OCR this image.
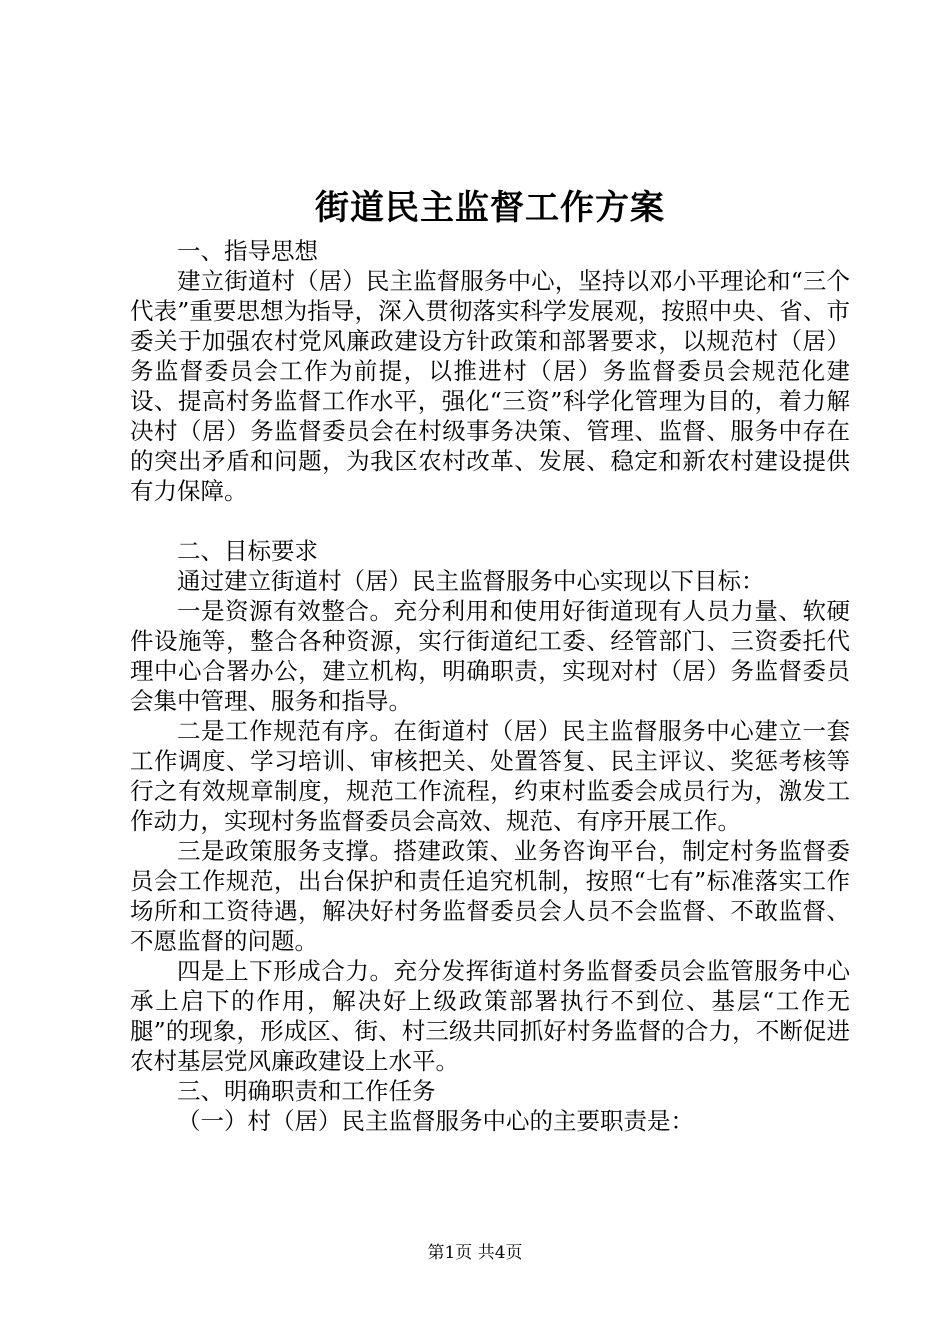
街道民主监督工作方案

一、指导思想

建立街道村（居）民主监督服务中心，坚持以邓小平理论和“三个代表”重要思想为指导，深入贯彻落实科学发展观，按照中央、省、市委关于加强农村党风廉政建设方针政策和部署要求，以规范村（居）务监督委员会工作为前提，以推进村（居）务监督委员会规范化建设、提高村务监督工作水平，强化“三资”科学化管理为目的，着力解决村（居）务监督委员会在村级事务决策、管理、监督、服务中存在的突出矛盾和问题，为我区农村改革、发展、稳定和新农村建设提供有力保障。

二、目标要求

通过建立街道村（居）民主监督服务中心实现以下目标：

一是资源有效整合。充分利用和使用好街道现有人员力量、软硬件设施等，整合各种资源，实行街道纪工委、经管部门、三资委托代理中心合署办公，建立机构，明确职责，实现对村（居）务监督委员会集中管理、服务和指导。

二是工作规范有序。在街道村（居）民主监督服务中心建立一套工作调度、学习培训、审核把关、处置答复、民主评议、奖惩考核等行之有效规章制度，规范工作流程，约束村监委会成员行为，激发工作动力，实现村务监督委员会高效、规范、有序开展工作。

三是政策服务支撑。搭建政策、业务咨询平台，制定村务监督委员会工作规范，出台保护和责任追究机制，按照“七有”标准落实工作场所和工资待遇，解决好村务监督委员会人员不会监督、不敢监督、不愿监督的问题。

四是上下形成合力。充分发挥街道村务监督委员会监管服务中心承上启下的作用，解决好上级政策部署执行不到位、基层“工作无腿”的现象，形成区、街、村三级共同抓好村务监督的合力，不断促进农村基层党风廉政建设上水平。

三、明确职责和工作任务

（一）村（居）民主监督服务中心的主要职责是：

第1页 共4页
